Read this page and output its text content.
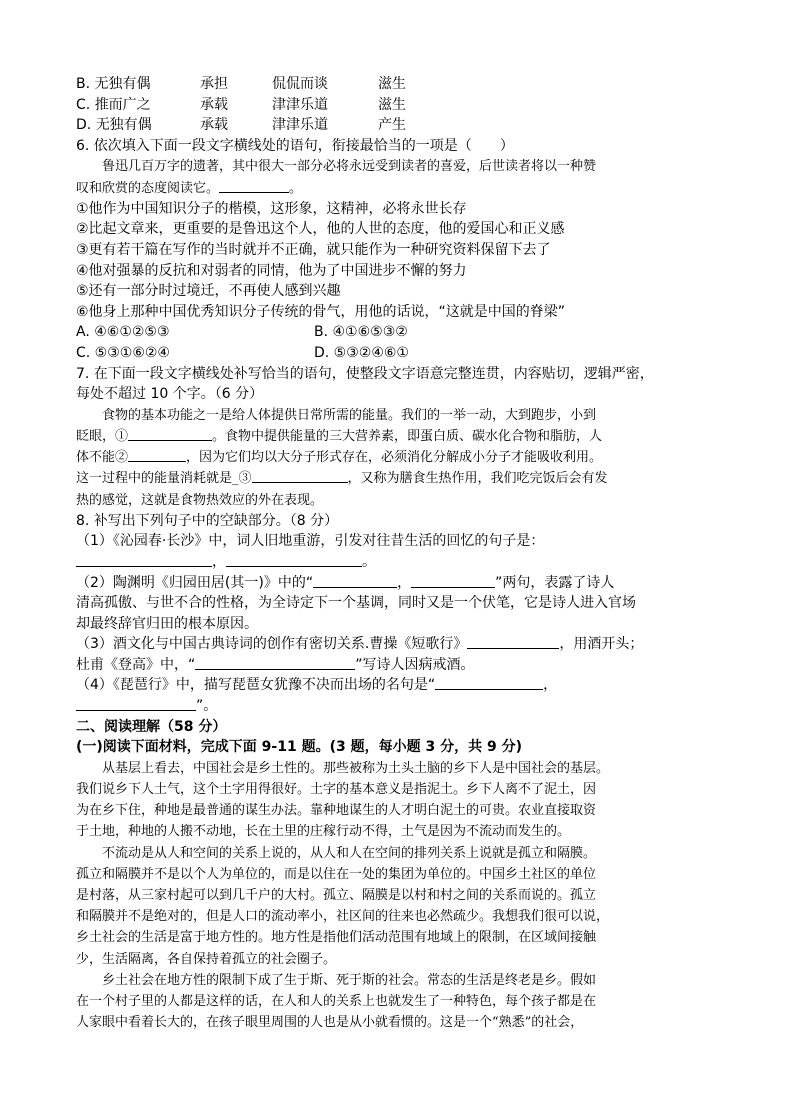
B. 无独有偶	承担	侃侃而谈	滋生
C. 推而广之	承载	津津乐道	滋生
D. 无独有偶	承载	津津乐道	产生
6. 依次填入下面一段文字横线处的语句，衔接最恰当的一项是（ ）
鲁迅几百万字的遗著，其中很大一部分必将永远受到读者的喜爱，后世读者将以一种赞
叹和欣赏的态度阅读它。	。
①他作为中国知识分子的楷模，这形象，这精神，必将永世长存
②比起文章来，更重要的是鲁迅这个人，他的人世的态度，他的爱国心和正义感
③更有若干篇在写作的当时就并不正确，就只能作为一种研究资料保留下去了
④他对强暴的反抗和对弱者的同情，他为了中国进步不懈的努力
⑤还有一部分时过境迁，不再使人感到兴趣
⑥他身上那种中国优秀知识分子传统的骨气，用他的话说，“这就是中国的脊梁”
A. ④⑥①②⑤③	B. ④①⑥⑤③②
C. ⑤③①⑥②④	D. ⑤③②④⑥①
7. 在下面一段文字横线处补写恰当的语句，使整段文字语意完整连贯，内容贴切，逻辑严密，
每处不超过 10 个字。（6 分）
食物的基本功能之一是给人体提供日常所需的能量。我们的一举一动，大到跑步，小到
眨眼，①	。食物中提供能量的三大营养素，即蛋白质、碳水化合物和脂肪，人
体不能②	，因为它们均以大分子形式存在，必须消化分解成小分子才能吸收利用。
这一过程中的能量消耗就是_③	，又称为膳食生热作用，我们吃完饭后会有发
热的感觉，这就是食物热效应的外在表现。
8. 补写出下列句子中的空缺部分。（8 分）
（1）《沁园春·长沙》中，词人旧地重游，引发对往昔生活的回忆的句子是：
，	。
（2）陶渊明《归园田居(其一)》中的“	，	”两句，表露了诗人
清高孤傲、与世不合的性格，为全诗定下一个基调，同时又是一个伏笔，它是诗人进入官场
却最终辞官归田的根本原因。
（3）酒文化与中国古典诗词的创作有密切关系.曹操《短歌行》	，用酒开头；
杜甫《登高》中，“	”写诗人因病戒酒。
（4）《琵琶行》中，描写琵琶女犹豫不决而出场的名句是“	，
”。
二、阅读理解（58 分）
(一)阅读下面材料，完成下面 9-11 题。(3 题，每小题 3 分，共 9 分)
从基层上看去，中国社会是乡土性的。那些被称为土头土脑的乡下人是中国社会的基层。
我们说乡下人土气，这个土字用得很好。土字的基本意义是指泥土。乡下人离不了泥土，因
为在乡下住，种地是最普通的谋生办法。靠种地谋生的人才明白泥土的可贵。农业直接取资
于土地，种地的人搬不动地，长在土里的庄稼行动不得，土气是因为不流动而发生的。
不流动是从人和空间的关系上说的，从人和人在空间的排列关系上说就是孤立和隔膜。
孤立和隔膜并不是以个人为单位的，而是以住在一处的集团为单位的。中国乡土社区的单位
是村落，从三家村起可以到几千户的大村。孤立、隔膜是以村和村之间的关系而说的。孤立
和隔膜并不是绝对的，但是人口的流动率小，社区间的往来也必然疏少。我想我们很可以说，
乡土社会的生活是富于地方性的。地方性是指他们活动范围有地域上的限制，在区域间接触
少，生活隔离，各自保持着孤立的社会圈子。
乡土社会在地方性的限制下成了生于斯、死于斯的社会。常态的生活是终老是乡。假如
在一个村子里的人都是这样的话，在人和人的关系上也就发生了一种特色，每个孩子都是在
人家眼中看着长大的，在孩子眼里周围的人也是从小就看惯的。这是一个“熟悉”的社会，
